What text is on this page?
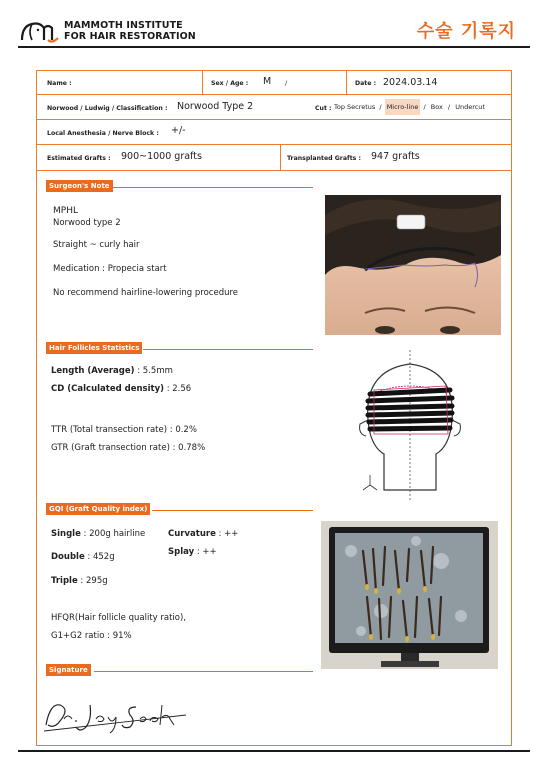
MAMMOTH INSTITUTE
FOR HAIR RESTORATION	수술 기록지
Name :	Sex / Age : M /	Date : 2024.03.14
Norwood / Ludwig / Classification : Norwood Type 2	Cut : Top Secretus / Micro-line / Box / Undercut
Local Anesthesia / Nerve Block : +/-
Estimated Grafts : 900~1000 grafts	Transplanted Grafts : 947 grafts
Surgeon's Note
MPHL
Norwood type 2
Straight ~ curly hair
Medication : Propecia start
No recommend hairline-lowering procedure
Hair Follicles Statistics
Length (Average) : 5.5mm
CD (Calculated density) : 2.56
TTR (Total transection rate) : 0.2%
GTR (Graft transection rate) : 0.78%
GQI (Graft Quality index)
Single : 200g hairline	Curvature : ++
Splay : ++
Double : 452g
Triple : 295g
HFQR(Hair follicle quality ratio),
G1+G2 ratio : 91%
Signature
